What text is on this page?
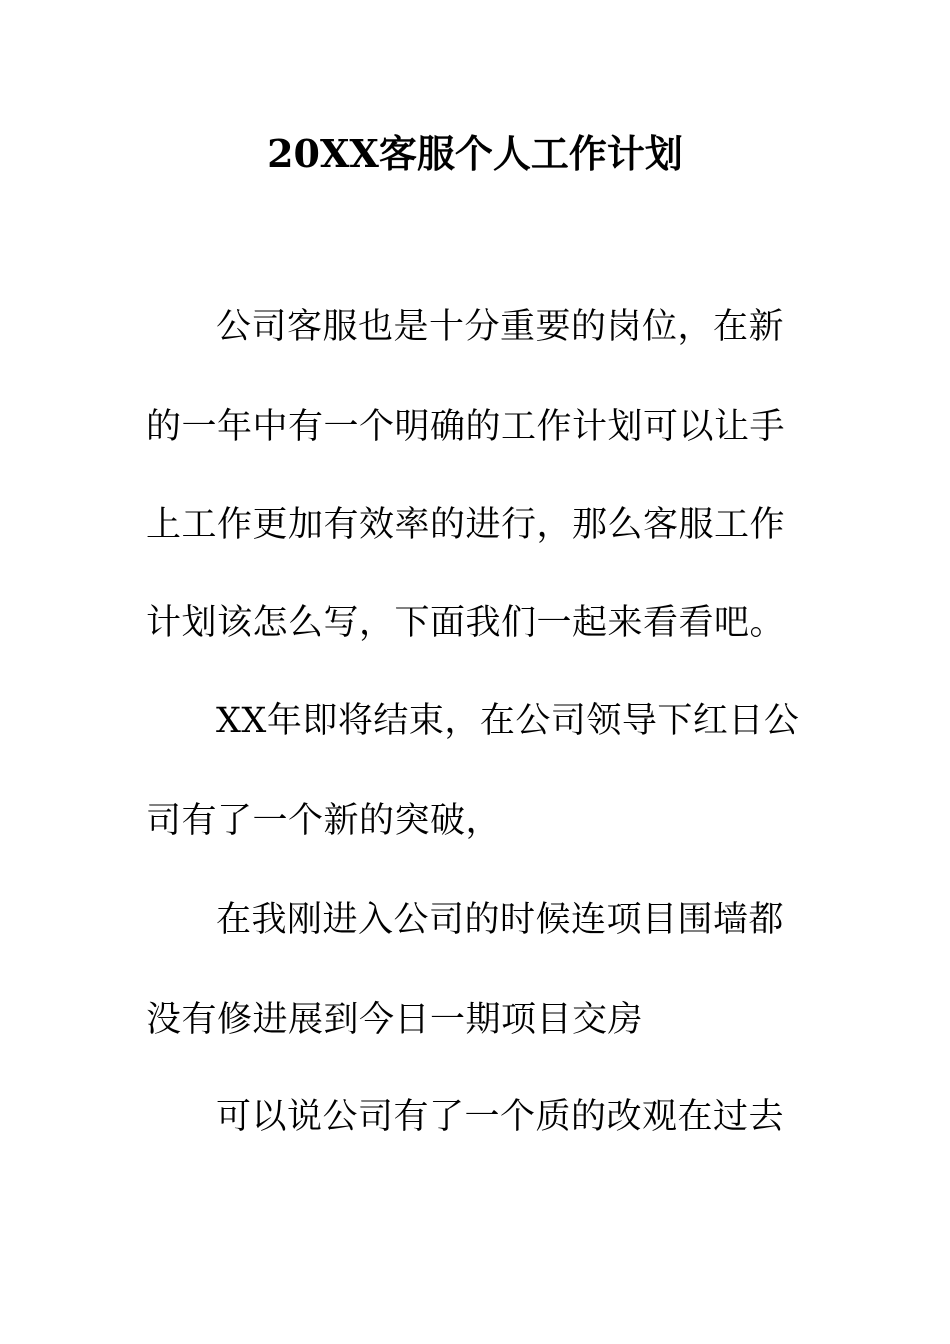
20XX客服个人工作计划
公司客服也是十分重要的岗位，在新
的一年中有一个明确的工作计划可以让手
上工作更加有效率的进行，那么客服工作
计划该怎么写，下面我们一起来看看吧。
XX年即将结束，在公司领导下红日公
司有了一个新的突破，
在我刚进入公司的时候连项目围墙都
没有修进展到今日一期项目交房
可以说公司有了一个质的改观在过去
